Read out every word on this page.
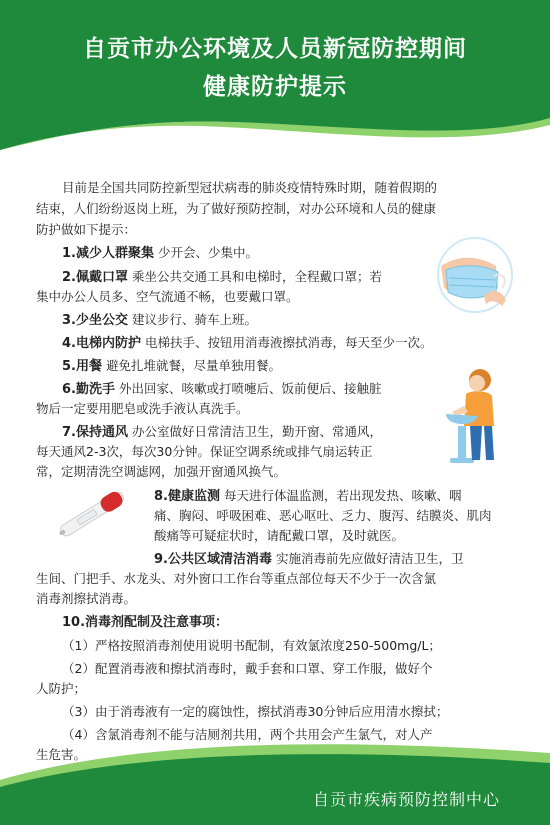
自贡市办公环境及人员新冠防控期间
健康防护提示
自贡市疾病预防控制中心
目前是全国共同防控新型冠状病毒的肺炎疫情特殊时期，随着假期的
结束，人们纷纷返岗上班，为了做好预防控制，对办公环境和人员的健康
防护做如下提示：
1.减少人群聚集 少开会、少集中。
2.佩戴口罩 乘坐公共交通工具和电梯时，全程戴口罩；若
集中办公人员多、空气流通不畅，也要戴口罩。
3.少坐公交 建议步行、骑车上班。
4.电梯内防护 电梯扶手、按钮用消毒液擦拭消毒，每天至少一次。
5.用餐 避免扎堆就餐，尽量单独用餐。
6.勤洗手 外出回家、咳嗽或打喷嚏后、饭前便后、接触脏
物后一定要用肥皂或洗手液认真洗手。
7.保持通风 办公室做好日常清洁卫生，勤开窗、常通风，
每天通风2-3次，每次30分钟。保证空调系统或排气扇运转正
常，定期清洗空调滤网，加强开窗通风换气。
8.健康监测 每天进行体温监测，若出现发热、咳嗽、咽
痛、胸闷、呼吸困难、恶心呕吐、乏力、腹泻、结膜炎、肌肉
酸痛等可疑症状时，请配戴口罩，及时就医。
9.公共区域清洁消毒 实施消毒前先应做好清洁卫生，卫
生间、门把手、水龙头、对外窗口工作台等重点部位每天不少于一次含氯
消毒剂擦拭消毒。
10.消毒剂配制及注意事项：
（1）严格按照消毒剂使用说明书配制，有效氯浓度250-500mg/L；
（2）配置消毒液和擦拭消毒时，戴手套和口罩、穿工作服，做好个
人防护；
（3）由于消毒液有一定的腐蚀性，擦拭消毒30分钟后应用清水擦拭；
（4）含氯消毒剂不能与洁厕剂共用，两个共用会产生氯气，对人产
生危害。
